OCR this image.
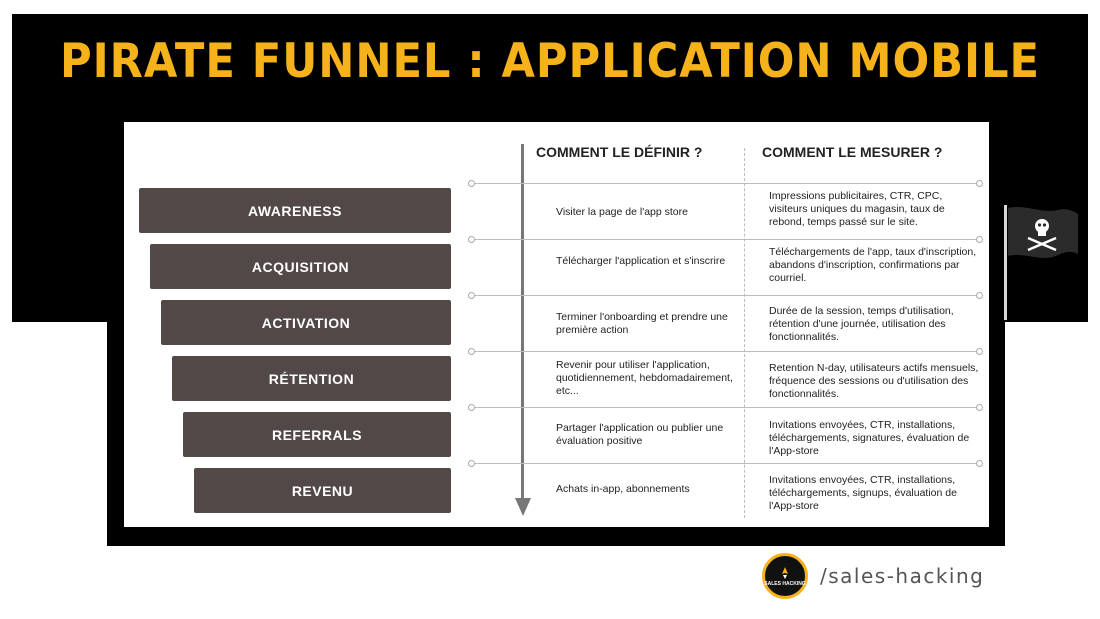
PIRATE FUNNEL : APPLICATION MOBILE
COMMENT LE DÉFINIR ?	COMMENT LE MESURER ?
AWARENESS
ACQUISITION
ACTIVATION
RÉTENTION
REFERRALS
REVENU
Visiter la page de l'app store
Télécharger l'application et s'inscrire
Terminer l'onboarding et prendre une première action
Revenir pour utiliser l'application, quotidiennement, hebdomadairement, etc...
Partager l'application ou publier une évaluation positive
Achats in-app, abonnements
Impressions publicitaires, CTR, CPC, visiteurs uniques du magasin, taux de rebond, temps passé sur le site.
Téléchargements de l'app, taux d'inscription, abandons d'inscription, confirmations par courriel.
Durée de la session, temps d'utilisation, rétention d'une journée, utilisation des fonctionnalités.
Retention N-day, utilisateurs actifs mensuels, fréquence des sessions ou d'utilisation des fonctionnalités.
Invitations envoyées, CTR, installations, téléchargements, signatures, évaluation de l'App-store
Invitations envoyées, CTR, installations, téléchargements, signups, évaluation de l'App-store
SALES HACKING /sales-hacking
